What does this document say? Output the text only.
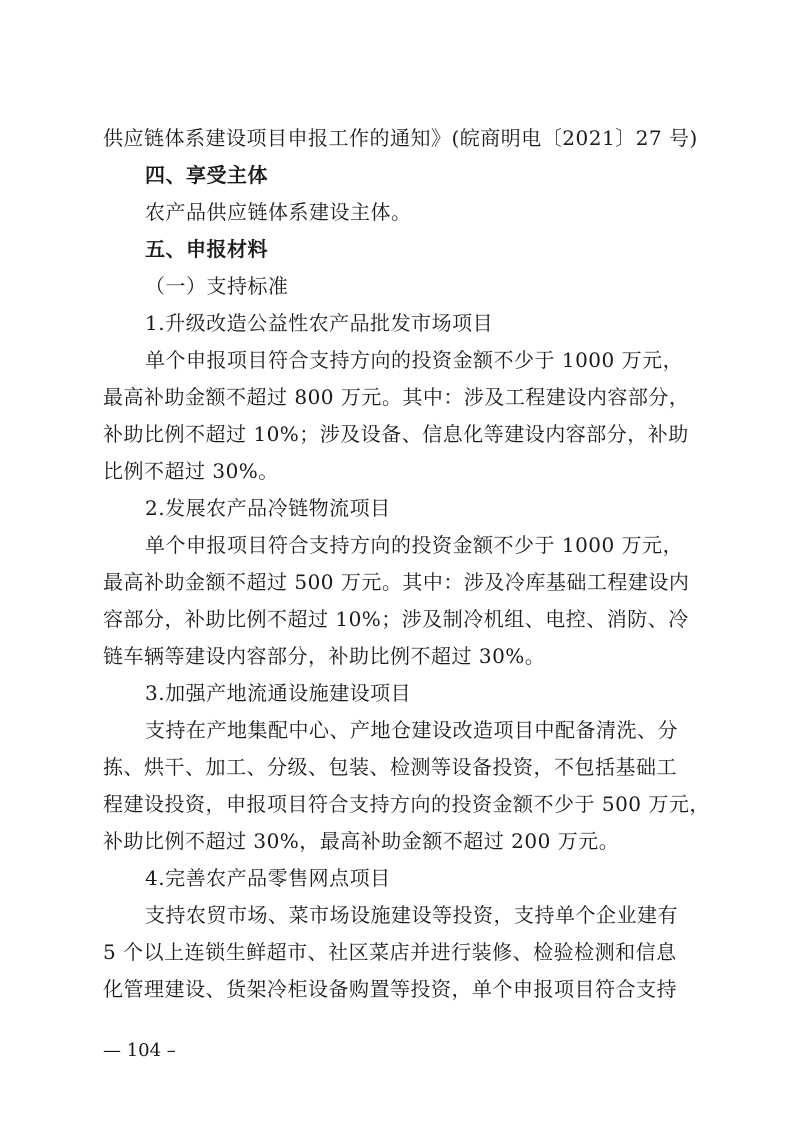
供应链体系建设项目申报工作的通知》(皖商明电〔2021〕27 号)
四、享受主体
农产品供应链体系建设主体。
五、申报材料
（一）支持标准
1.升级改造公益性农产品批发市场项目
单个申报项目符合支持方向的投资金额不少于 1000 万元，
最高补助金额不超过 800 万元。其中：涉及工程建设内容部分，
补助比例不超过 10%；涉及设备、信息化等建设内容部分，补助
比例不超过 30%。
2.发展农产品冷链物流项目
单个申报项目符合支持方向的投资金额不少于 1000 万元，
最高补助金额不超过 500 万元。其中：涉及冷库基础工程建设内
容部分，补助比例不超过 10%；涉及制冷机组、电控、消防、冷
链车辆等建设内容部分，补助比例不超过 30%。
3.加强产地流通设施建设项目
支持在产地集配中心、产地仓建设改造项目中配备清洗、分
拣、烘干、加工、分级、包装、检测等设备投资，不包括基础工
程建设投资，申报项目符合支持方向的投资金额不少于 500 万元，
补助比例不超过 30%，最高补助金额不超过 200 万元。
4.完善农产品零售网点项目
支持农贸市场、菜市场设施建设等投资，支持单个企业建有
5 个以上连锁生鲜超市、社区菜店并进行装修、检验检测和信息
化管理建设、货架冷柜设备购置等投资，单个申报项目符合支持
— 104 –
